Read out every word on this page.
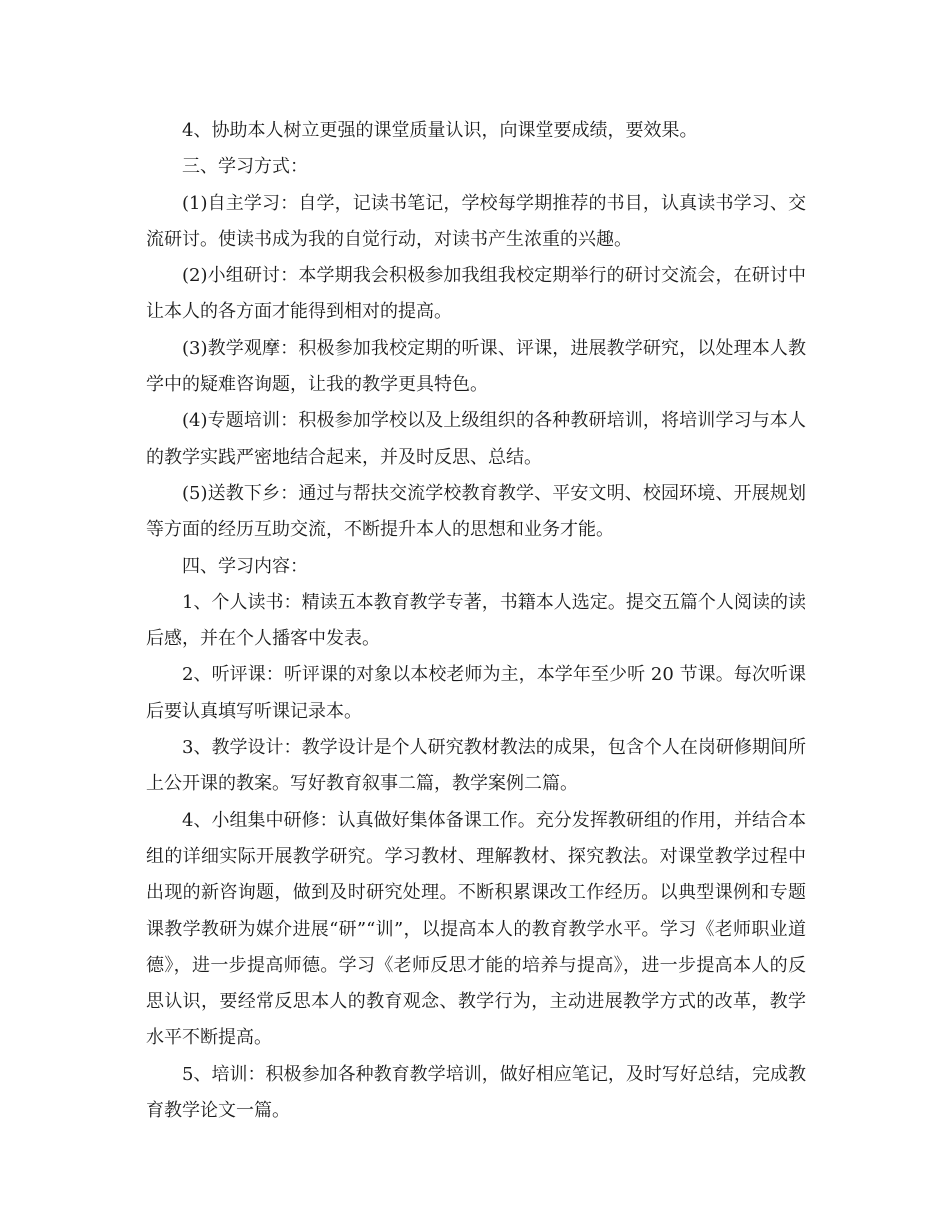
4、协助本人树立更强的课堂质量认识，向课堂要成绩，要效果。

三、学习方式：

(1)自主学习：自学，记读书笔记，学校每学期推荐的书目，认真读书学习、交流研讨。使读书成为我的自觉行动，对读书产生浓重的兴趣。

(2)小组研讨：本学期我会积极参加我组我校定期举行的研讨交流会，在研讨中让本人的各方面才能得到相对的提高。

(3)教学观摩：积极参加我校定期的听课、评课，进展教学研究，以处理本人教学中的疑难咨询题，让我的教学更具特色。

(4)专题培训：积极参加学校以及上级组织的各种教研培训，将培训学习与本人的教学实践严密地结合起来，并及时反思、总结。

(5)送教下乡：通过与帮扶交流学校教育教学、平安文明、校园环境、开展规划等方面的经历互助交流，不断提升本人的思想和业务才能。

四、学习内容：

1、个人读书：精读五本教育教学专著，书籍本人选定。提交五篇个人阅读的读后感，并在个人播客中发表。

2、听评课：听评课的对象以本校老师为主，本学年至少听 20 节课。每次听课后要认真填写听课记录本。

3、教学设计：教学设计是个人研究教材教法的成果，包含个人在岗研修期间所上公开课的教案。写好教育叙事二篇，教学案例二篇。

4、小组集中研修：认真做好集体备课工作。充分发挥教研组的作用，并结合本组的详细实际开展教学研究。学习教材、理解教材、探究教法。对课堂教学过程中出现的新咨询题，做到及时研究处理。不断积累课改工作经历。以典型课例和专题课教学教研为媒介进展“研”“训”，以提高本人的教育教学水平。学习《老师职业道德》，进一步提高师德。学习《老师反思才能的培养与提高》，进一步提高本人的反思认识，要经常反思本人的教育观念、教学行为，主动进展教学方式的改革，教学水平不断提高。

5、培训：积极参加各种教育教学培训，做好相应笔记，及时写好总结，完成教育教学论文一篇。
